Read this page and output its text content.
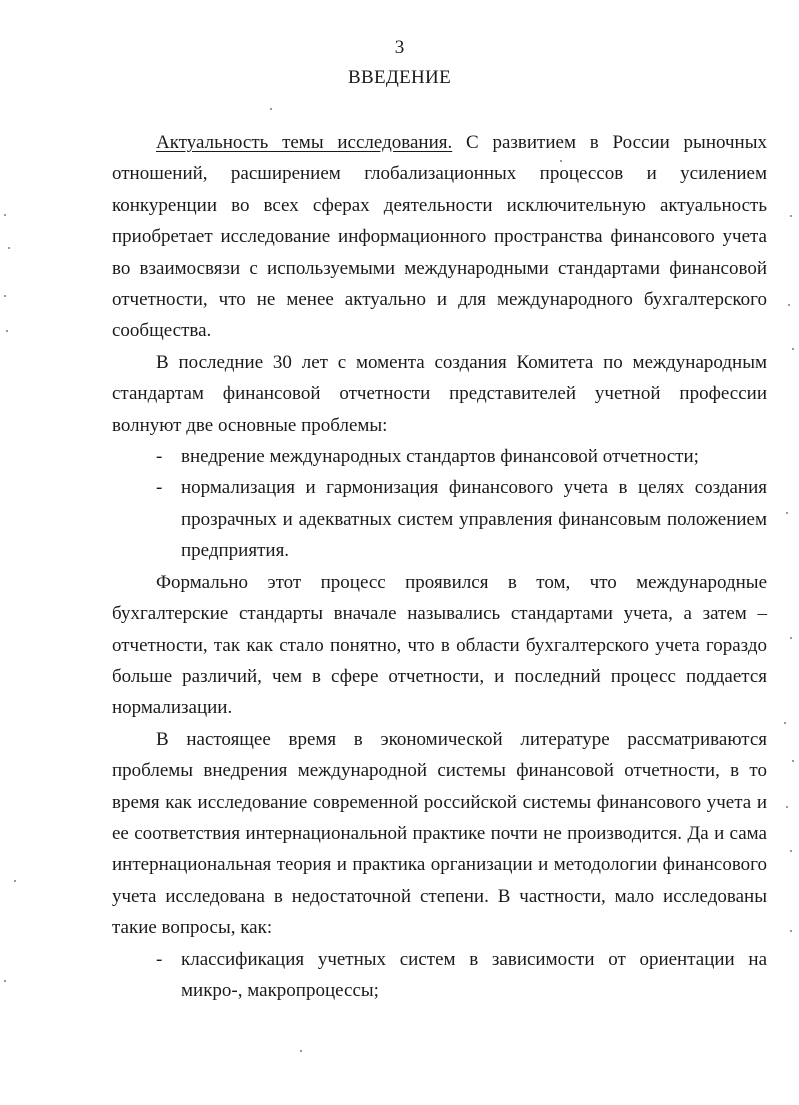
3
ВВЕДЕНИЕ

Актуальность темы исследования. С развитием в России рыночных отношений, расширением глобализационных процессов и усилением конкуренции во всех сферах деятельности исключительную актуальность приобретает исследование информационного пространства финансового учета во взаимосвязи с используемыми международными стандартами финансовой отчетности, что не менее актуально и для международного бухгалтерского сообщества.

В последние 30 лет с момента создания Комитета по международным стандартам финансовой отчетности представителей учетной профессии волнуют две основные проблемы:

- внедрение международных стандартов финансовой отчетности;
- нормализация и гармонизация финансового учета в целях создания прозрачных и адекватных систем управления финансовым положением предприятия.

Формально этот процесс проявился в том, что международные бухгалтерские стандарты вначале назывались стандартами учета, а затем – отчетности, так как стало понятно, что в области бухгалтерского учета гораздо больше различий, чем в сфере отчетности, и последний процесс поддается нормализации.

В настоящее время в экономической литературе рассматриваются проблемы внедрения международной системы финансовой отчетности, в то время как исследование современной российской системы финансового учета и ее соответствия интернациональной практике почти не производится. Да и сама интернациональная теория и практика организации и методологии финансового учета исследована в недостаточной степени. В частности, мало исследованы такие вопросы, как:

- классификация учетных систем в зависимости от ориентации на микро-, макропроцессы;
